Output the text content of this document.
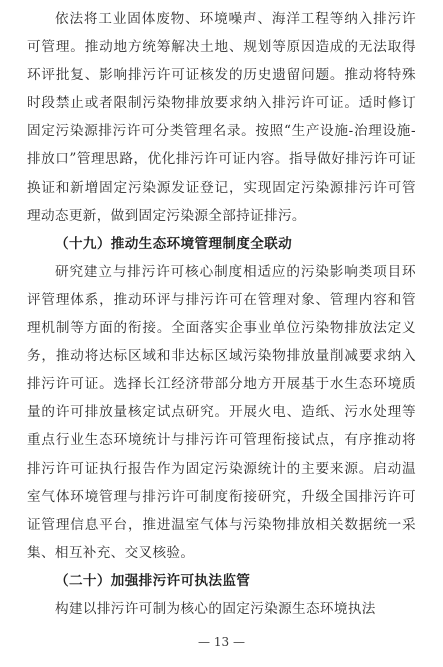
依法将工业固体废物、环境噪声、海洋工程等纳入排污许可管理。推动地方统筹解决土地、规划等原因造成的无法取得环评批复、影响排污许可证核发的历史遗留问题。推动将特殊时段禁止或者限制污染物排放要求纳入排污许可证。适时修订固定污染源排污许可分类管理名录。按照“生产设施-治理设施-排放口”管理思路，优化排污许可证内容。指导做好排污许可证换证和新增固定污染源发证登记，实现固定污染源排污许可管理动态更新，做到固定污染源全部持证排污。

（十九）推动生态环境管理制度全联动

研究建立与排污许可核心制度相适应的污染影响类项目环评管理体系，推动环评与排污许可在管理对象、管理内容和管理机制等方面的衔接。全面落实企事业单位污染物排放法定义务，推动将达标区域和非达标区域污染物排放量削减要求纳入排污许可证。选择长江经济带部分地方开展基于水生态环境质量的许可排放量核定试点研究。开展火电、造纸、污水处理等重点行业生态环境统计与排污许可管理衔接试点，有序推动将排污许可证执行报告作为固定污染源统计的主要来源。启动温室气体环境管理与排污许可制度衔接研究，升级全国排污许可证管理信息平台，推进温室气体与污染物排放相关数据统一采集、相互补充、交叉核验。

（二十）加强排污许可执法监管

构建以排污许可制为核心的固定污染源生态环境执法

— 13 —
